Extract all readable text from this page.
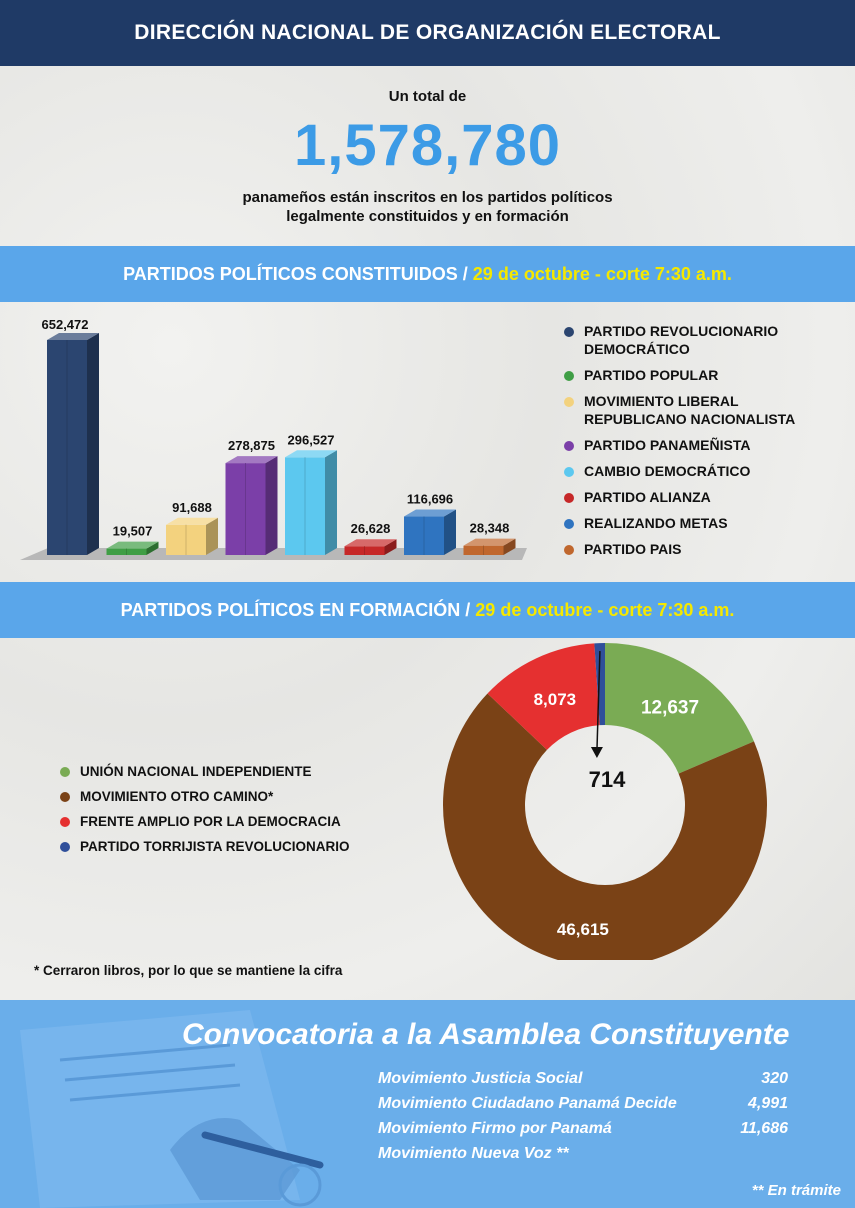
DIRECCIÓN NACIONAL DE ORGANIZACIÓN ELECTORAL
Un total de
1,578,780
panameños están inscritos en los partidos políticos
legalmente constituidos y en formación
PARTIDOS POLÍTICOS CONSTITUIDOS / 29 de octubre - corte 7:30 a.m.
652,472
19,507
91,688
278,875 296,527
26,628
116,696
28,348
PARTIDO REVOLUCIONARIO
DEMOCRÁTICO
PARTIDO POPULAR
MOVIMIENTO LIBERAL
REPUBLICANO NACIONALISTA
PARTIDO PANAMEÑISTA
CAMBIO DEMOCRÁTICO
PARTIDO ALIANZA
REALIZANDO METAS
PARTIDO PAIS
PARTIDOS POLÍTICOS EN FORMACIÓN / 29 de octubre - corte 7:30 a.m.
UNIÓN NACIONAL INDEPENDIENTE
MOVIMIENTO OTRO CAMINO*
FRENTE AMPLIO POR LA DEMOCRACIA
PARTIDO TORRIJISTA REVOLUCIONARIO
12,637
46,615
8,073
714
* Cerraron libros, por lo que se mantiene la cifra
Convocatoria a la Asamblea Constituyente
Movimiento Justicia Social	320
Movimiento Ciudadano Panamá Decide	4,991
Movimiento Firmo por Panamá	11,686
Movimiento Nueva Voz **
** En trámite
